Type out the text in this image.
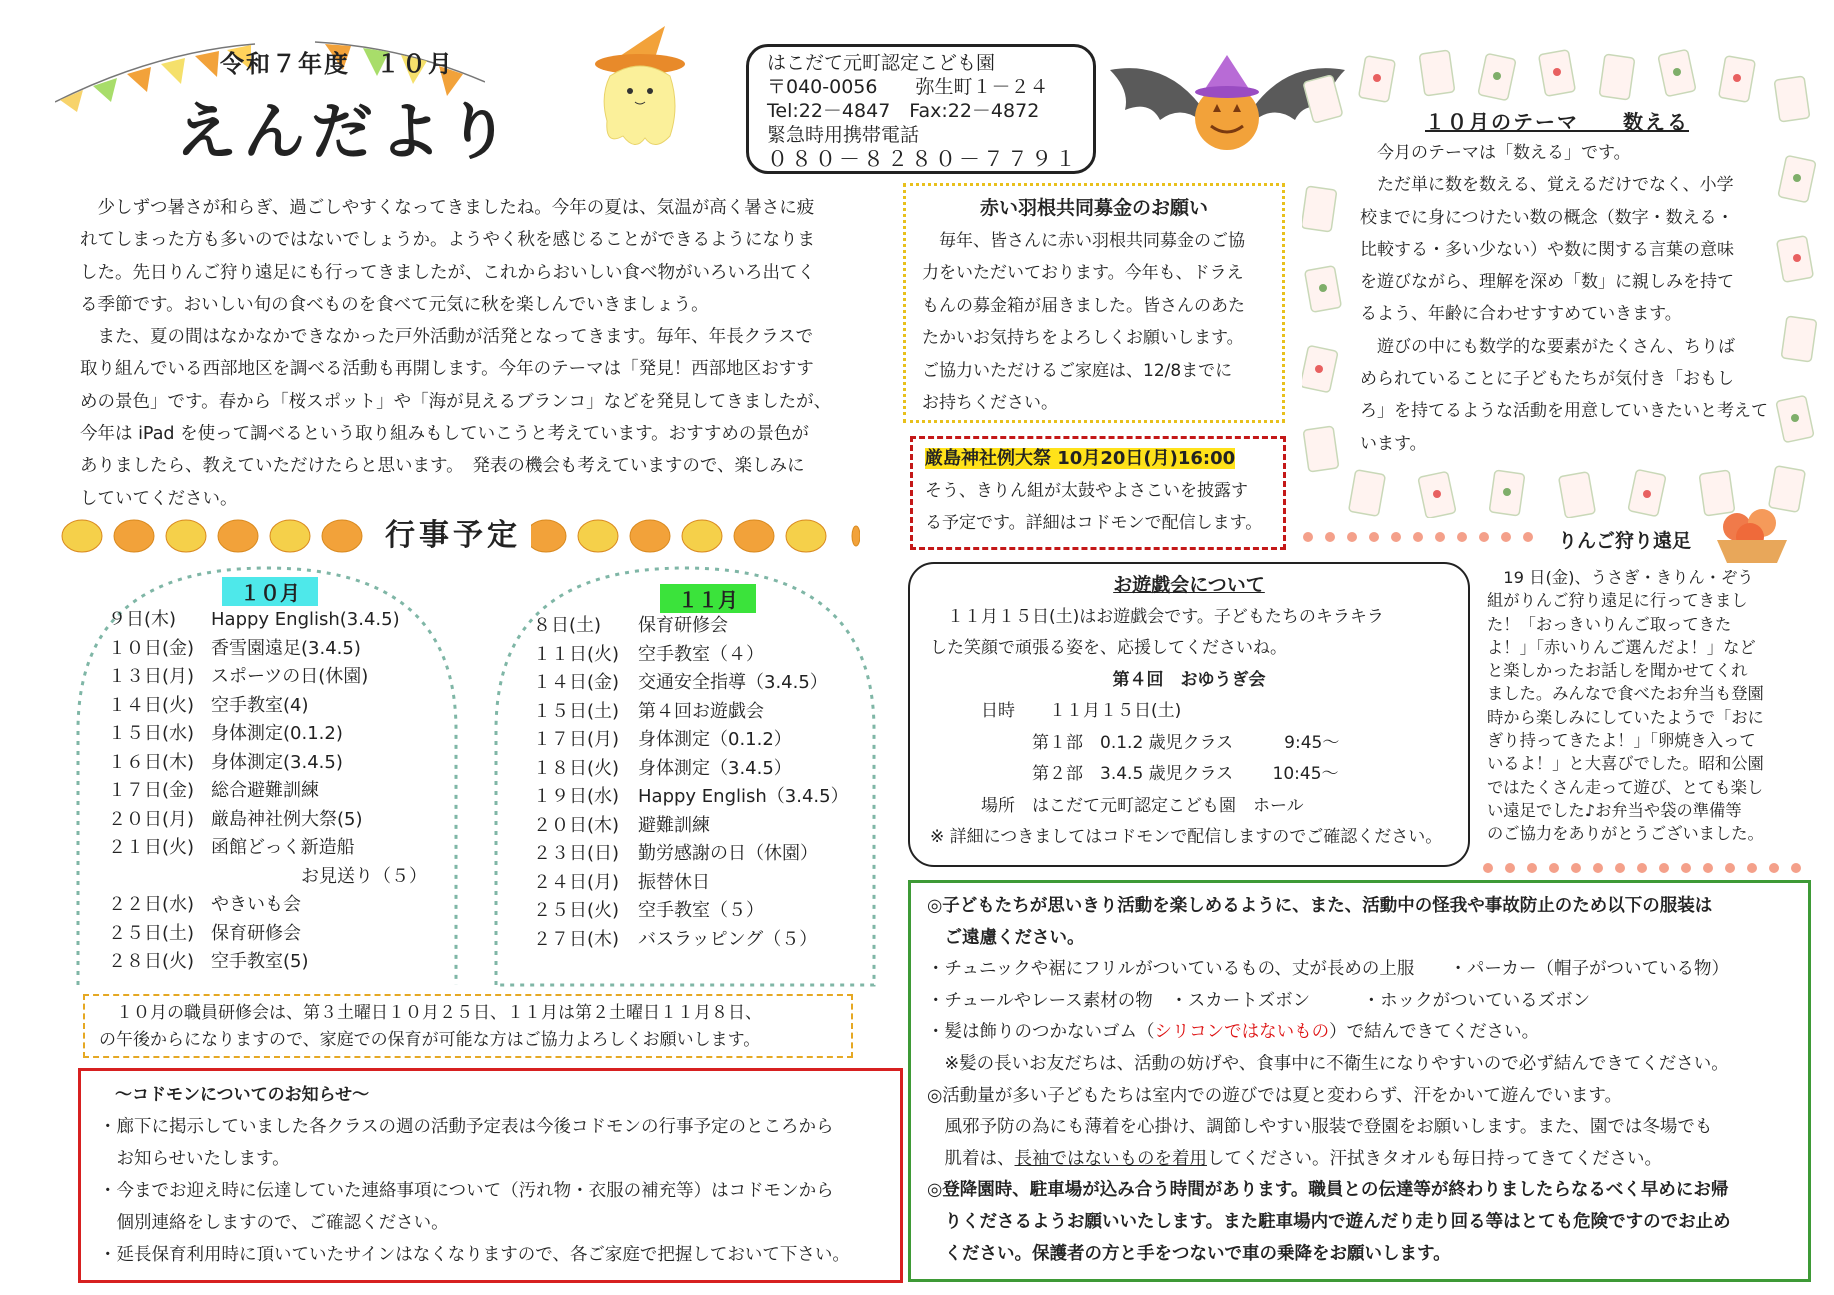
令和７年度　１０月
えんだより

はこだて元町認定こども園

〒040-0056　　弥生町１－２４

Tel:22－4847　Fax:22－4872

緊急時用携帯電話

０８０－８２８０－７７９１

　少しずつ暑さが和らぎ、過ごしやすくなってきましたね。今年の夏は、気温が高く暑さに疲

れてしまった方も多いのではないでしょうか。ようやく秋を感じることができるようになりま

した。先日りんご狩り遠足にも行ってきましたが、これからおいしい食べ物がいろいろ出てく

る季節です。おいしい旬の食べものを食べて元気に秋を楽しんでいきましょう。

　また、夏の間はなかなかできなかった戸外活動が活発となってきます。毎年、年長クラスで

取り組んでいる西部地区を調べる活動も再開します。今年のテーマは「発見！西部地区おすす

めの景色」です。春から「桜スポット」や「海が見えるブランコ」などを発見してきましたが、

今年は iPad を使って調べるという取り組みもしていこうと考えています。おすすめの景色が

ありましたら、教えていただけたらと思います。　発表の機会も考えていますので、楽しみに

していてください。

行事予定
１０月	１１月

９日(木) Happy English(3.4.5)

１０日(金) 香雪園遠足(3.4.5)

１３日(月) スポーツの日(休園)

１４日(火) 空手教室(4)

１５日(水) 身体測定(0.1.2)

１６日(木) 身体測定(3.4.5)

１７日(金) 総合避難訓練

２０日(月) 厳島神社例大祭(5)

２１日(火) 函館どっく新造船

　　　　　お見送り（５）

２２日(水) やきいも会

２５日(土) 保育研修会

２８日(火) 空手教室(5)

８日(土) 保育研修会

１１日(火) 空手教室（４）

１４日(金) 交通安全指導（3.4.5）

１５日(土) 第４回お遊戯会

１７日(月) 身体測定（0.1.2）

１８日(火) 身体測定（3.4.5）

１９日(水) Happy English（3.4.5）

２０日(木) 避難訓練

２３日(日) 勤労感謝の日（休園）

２４日(月) 振替休日

２５日(火) 空手教室（５）

２７日(木) バスラッピング（５）

　１０月の職員研修会は、第３土曜日１０月２５日、１１月は第２土曜日１１月８日、

の午後からになりますので、家庭での保育が可能な方はご協力よろしくお願いします。

～コドモンについてのお知らせ～

・廊下に掲示していました各クラスの週の活動予定表は今後コドモンの行事予定のところから

　お知らせいたします。

・今までお迎え時に伝達していた連絡事項について（汚れ物・衣服の補充等）はコドモンから

　個別連絡をしますので、ご確認ください。

・延長保育利用時に頂いていたサインはなくなりますので、各ご家庭で把握しておいて下さい。

赤い羽根共同募金のお願い

　毎年、皆さんに赤い羽根共同募金のご協

力をいただいております。今年も、ドラえ

もんの募金箱が届きました。皆さんのあた

たかいお気持ちをよろしくお願いします。

ご協力いただけるご家庭は、12/8までに

お持ちください。

厳島神社例大祭 10月20日(月)16:00

そう、きりん組が太鼓やよさこいを披露す

る予定です。詳細はコドモンで配信します。

１０月のテーマ　　数える

　今月のテーマは「数える」です。

　ただ単に数を数える、覚えるだけでなく、小学

校までに身につけたい数の概念（数字・数える・

比較する・多い少ない）や数に関する言葉の意味

を遊びながら、理解を深め「数」に親しみを持て

るよう、年齢に合わせすすめていきます。

　遊びの中にも数学的な要素がたくさん、ちりば

められていることに子どもたちが気付き「おもし

ろ」を持てるような活動を用意していきたいと考えて

います。

りんご狩り遠足

　19 日(金)、うさぎ・きりん・ぞう

組がりんご狩り遠足に行ってきまし

た！「おっきいりんご取ってきた

よ！」「赤いりんご選んだよ！」など

と楽しかったお話しを聞かせてくれ

ました。みんなで食べたお弁当も登園

時から楽しみにしていたようで「おに

ぎり持ってきたよ！」「卵焼き入って

いるよ！」と大喜びでした。昭和公園

ではたくさん走って遊び、とても楽し

い遠足でした♪お弁当や袋の準備等

のご協力をありがとうございました。

お遊戯会について

　１１月１５日(土)はお遊戯会です。子どもたちのキラキラ

した笑顔で頑張る姿を、応援してくださいね。

第４回　おゆうぎ会

　　　日時　　１１月１５日(土)

　　　　　　第１部　0.1.2 歳児クラス　　　9:45～

　　　　　　第２部　3.4.5 歳児クラス　　 10:45～

　　　場所　はこだて元町認定こども園　ホール

※ 詳細につきましてはコドモンで配信しますのでご確認ください。

◎子どもたちが思いきり活動を楽しめるように、また、活動中の怪我や事故防止のため以下の服装は

　ご遠慮ください。

・チュニックや裾にフリルがついているもの、丈が長めの上服　　・パーカー（帽子がついている物）

・チュールやレース素材の物　・スカートズボン　　　・ホックがついているズボン

・髪は飾りのつかないゴム（シリコンではないもの）で結んできてください。

　※髪の長いお友だちは、活動の妨げや、食事中に不衛生になりやすいので必ず結んできてください。

◎活動量が多い子どもたちは室内での遊びでは夏と変わらず、汗をかいて遊んでいます。

　風邪予防の為にも薄着を心掛け、調節しやすい服装で登園をお願いします。また、園では冬場でも

　肌着は、長袖ではないものを着用してください。汗拭きタオルも毎日持ってきてください。

◎登降園時、駐車場が込み合う時間があります。職員との伝達等が終わりましたらなるべく早めにお帰

　りくださるようお願いいたします。また駐車場内で遊んだり走り回る等はとても危険ですのでお止め

　ください。保護者の方と手をつないで車の乗降をお願いします。
